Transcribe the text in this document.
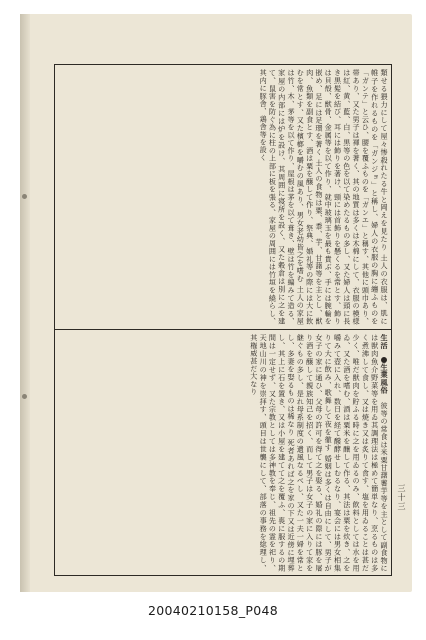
類せる猥力にして屋々惨殺れたる牛と岡えを見たり 土人の衣服は、肌に帷子を作れるものを「ガンジョ」と稱し、婦人の衣服の胸に纏ふものを「ガンテ」と云ひ、腰を覆ふものを「ガンエ」と稱す、其他に頭巾あり、帯あり、又た男子は褌を著く、其の地質は多くは木棉にして、衣服の模様は紅、黄、藍、白、黒等の色を以て染めたるもの多し、又た婦人は頭に長き黒髪を結び、耳には飾りを著け、頸には首飾りを懸くるを常とす、飾りは貝殻、獣骨、金属等を以て作り、就中玻璃玉を最も貴ぶ、手には腕輪を嵌め、足には足環を著く 土人の食物は粟、黍、芋、甘藷等を主とし、獣肉、魚類を副食とす、酒は粟を醸して作り、祭典、婚礼等の際には大に飲むを常とす、又た檳榔を嚼むの風あり、男女老幼皆之を嗜む 土人の家屋は竹、木、茅等を以て作り、屋根は茅を以て葺き、壁は竹を編みて造る、家屋の内部には炉を設け、其周囲に寝所を設く、又た穀倉は別に之を建て、鼠害を防ぐ為に柱の上部に板を張る、家屋の周囲には竹垣を繞らし、其内に豚舎、鶏舎等を設く
生活　生業風俗　彼等の常食は米粟甘藷薯芋等を主として副食物には獣肉魚介野菜等を用ゐ其調理法は極めて簡単なり、烹るものは多く煮沸して食し、又は焼き又は炙りて食す、塩を用ゐることは甚だ少く、唯だ獣肉を貯ふる時に之を用ゐるのみ、飲料としては水を用ゐ、又た酒を嗜む、酒は粟米を醸して作る、其法は粟を炊き、之を嚼みて壺に入れ、数日を経て醱酵せしむるなり、宴会には男女相集りて大に飲み、歌舞して夜を徹す 婚姻は多くは自由にして、男子が女子の家に通ひ、父母の許可を得て之を娶る、婚礼の際には豚を屠り酒を醸して親族知己を招く、而して男子は女子の家に入りて家を継ぐもの多し、是れ母系制度の遺風なるべし、又た一夫一婦を常とし、多妻を娶るものは稀なり 死者あれば之を家の下又は近傍に埋葬し、其上に石を置き、又は小屋を建てて之を覆ふ、喪に服するの期間は一定せず、又た宗教としては多神教を奉じ、祖先の霊を祀り、天地山川の神を崇拝す、頭目は世襲にして、部落の事務を総理し、其権威甚だ大なり
三十三
20040210158_P048
